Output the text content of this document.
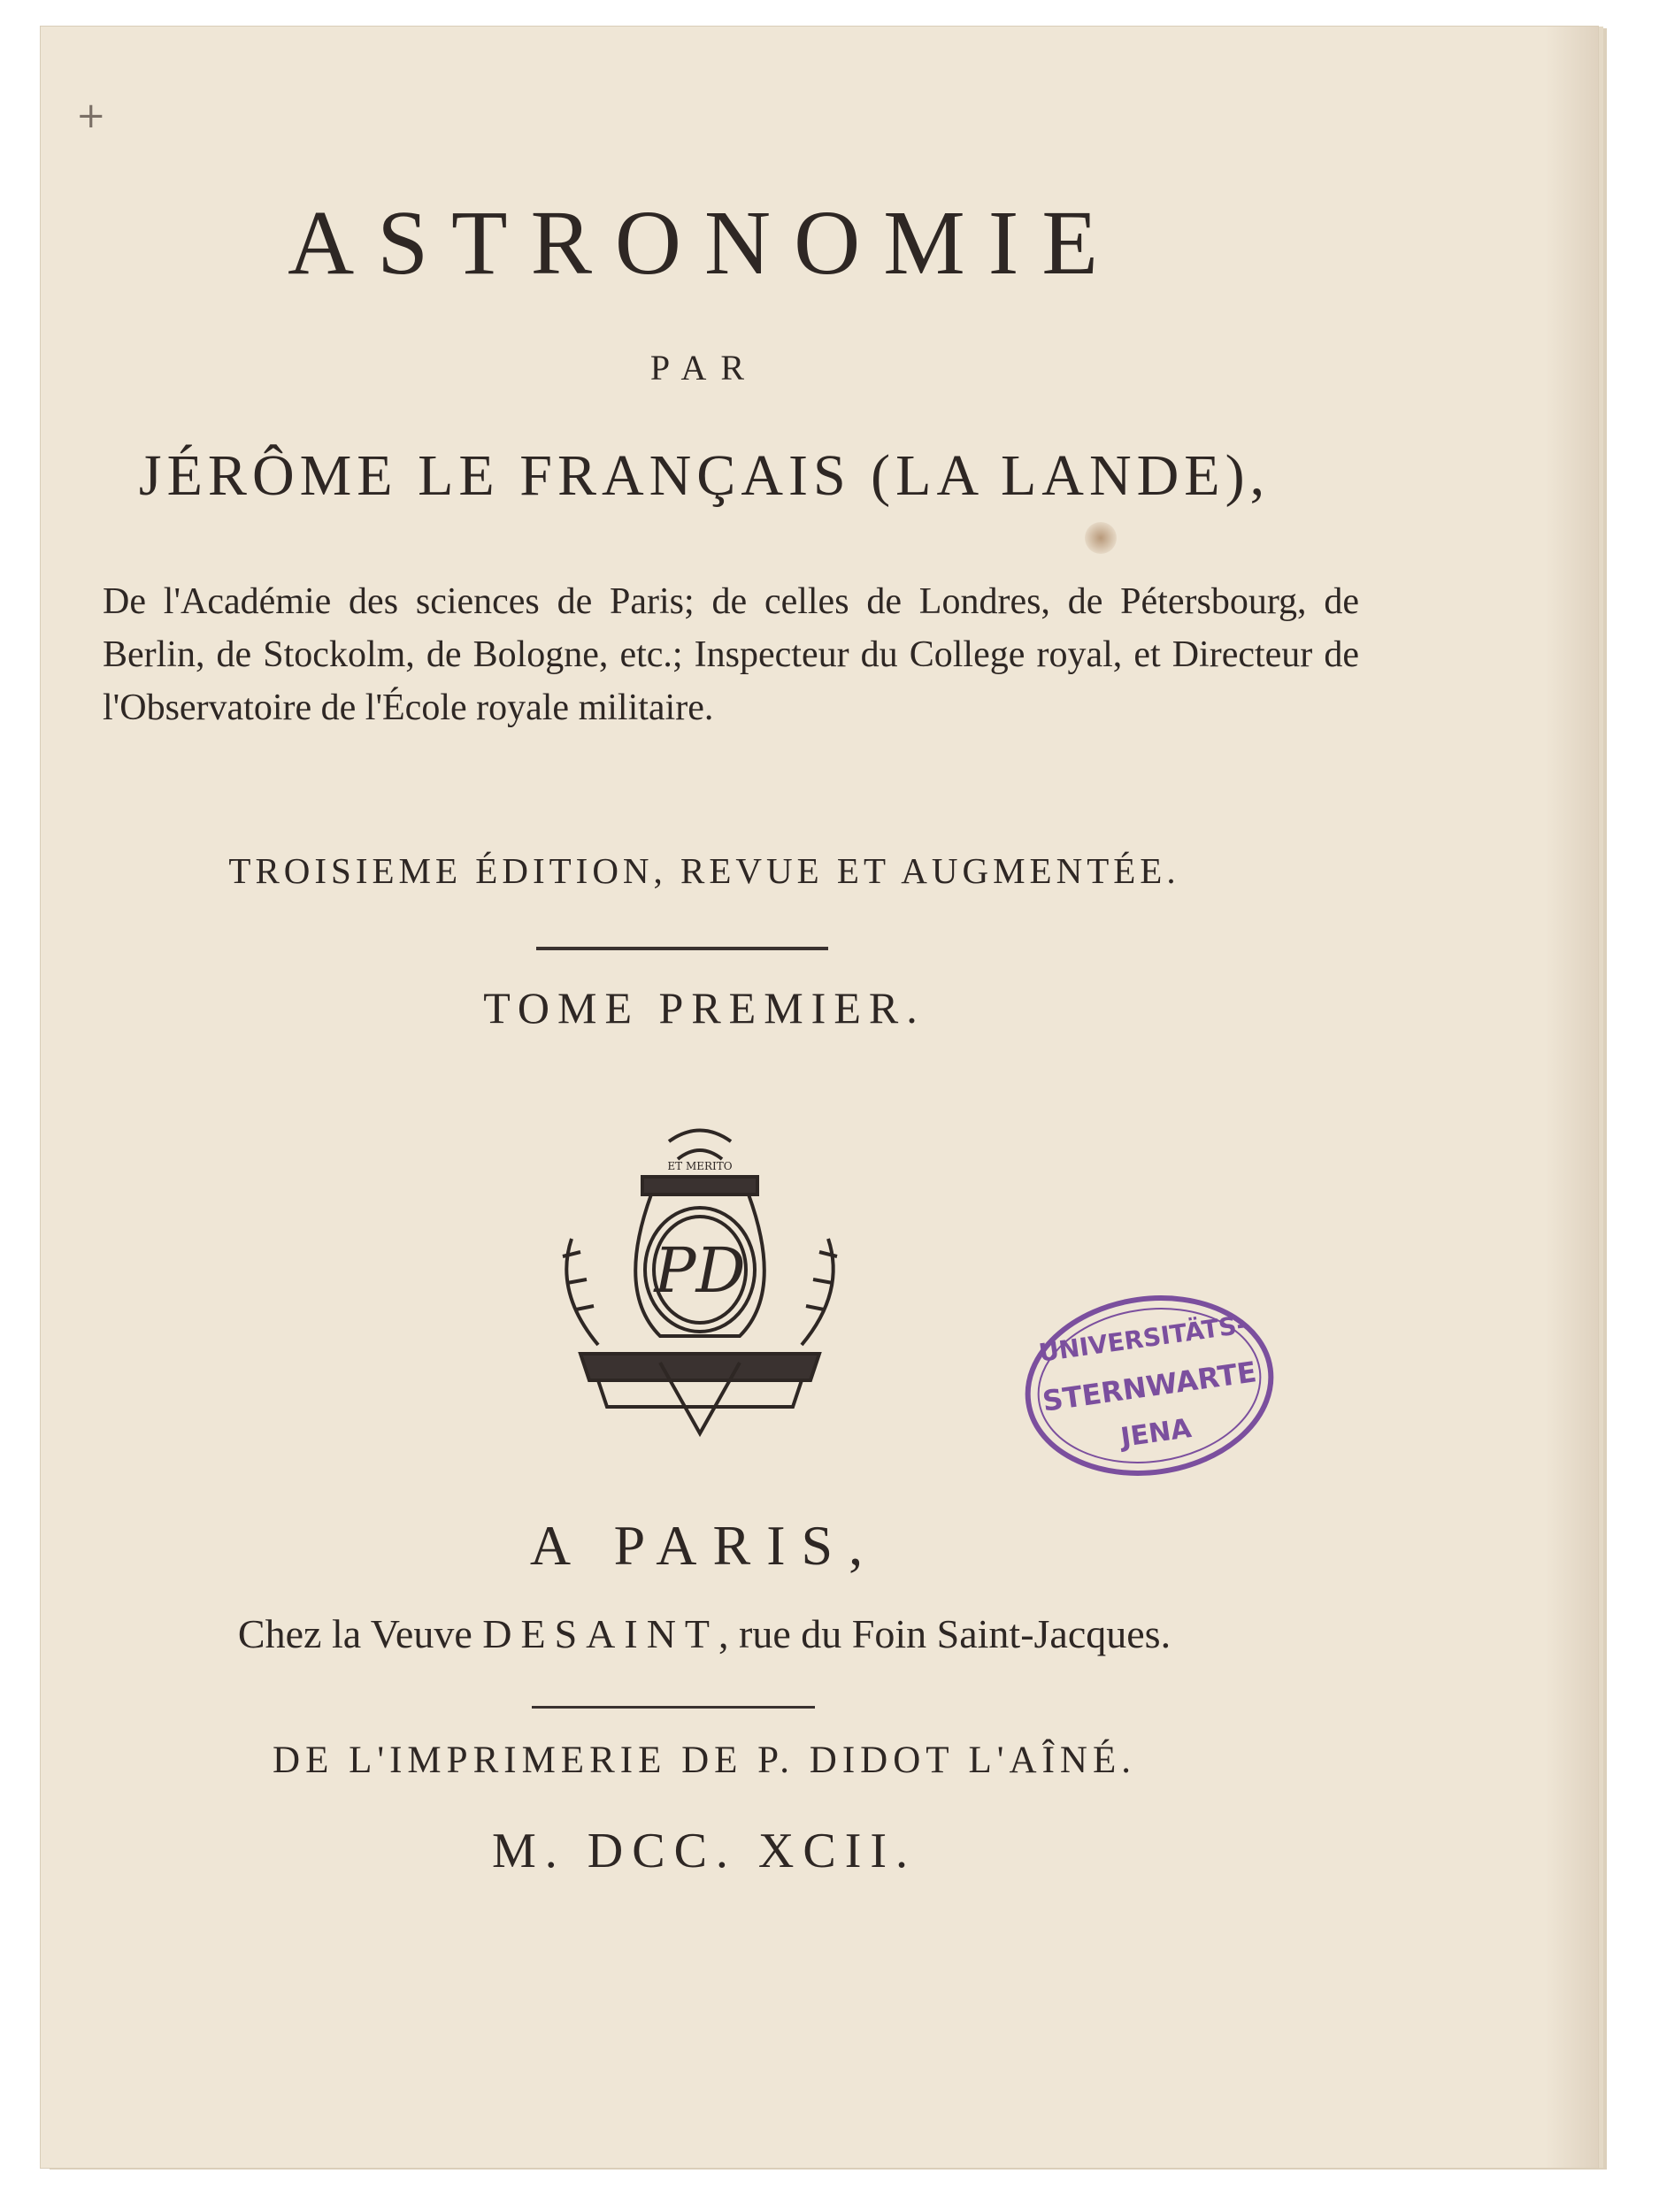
+
ASTRONOMIE
PAR
JÉRÔME LE FRANÇAIS (LA LANDE),
De l'Académie des sciences de Paris; de celles de Londres, de Pétersbourg, de Berlin, de Stockolm, de Bologne, etc.; Inspecteur du College royal, et Directeur de l'Observatoire de l'École royale militaire.
TROISIEME ÉDITION, REVUE ET AUGMENTÉE.
TOME PREMIER.
ET MERITO
PD
UNIVERSITÄTS-
STERNWARTE
JENA
A PARIS,
Chez la Veuve DESAINT, rue du Foin Saint-Jacques.
DE L'IMPRIMERIE DE P. DIDOT L'AÎNÉ.
M. DCC. XCII.
